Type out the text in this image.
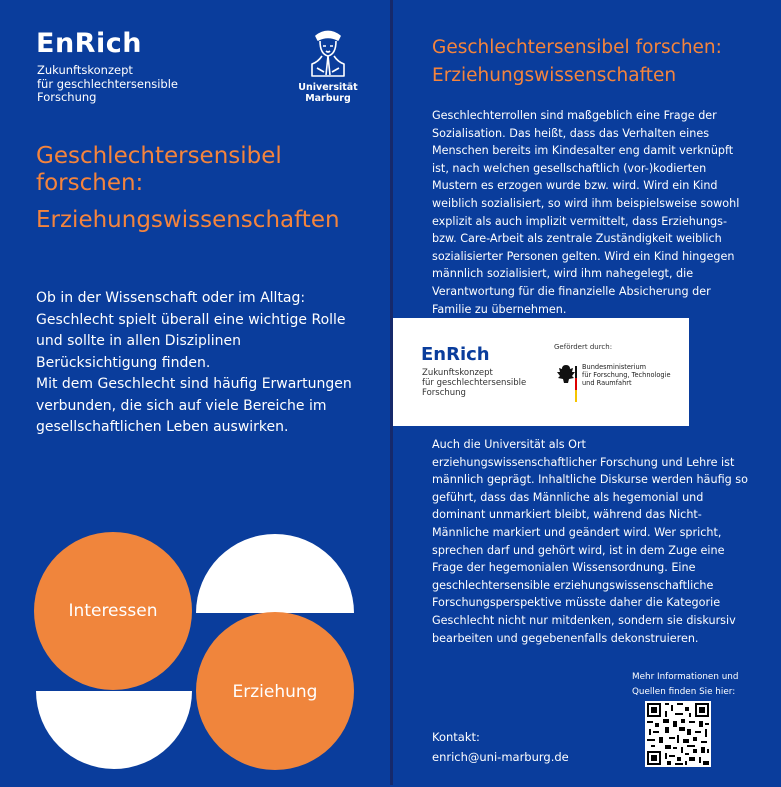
EnRich
Zukunftskonzept
für geschlechtersensible
Forschung
Universität
Marburg
Geschlechtersensibel
forschen:
Erziehungswissenschaften
Ob in der Wissenschaft oder im Alltag: Geschlecht spielt überall eine wichtige Rolle und sollte in allen Disziplinen Berücksichtigung finden.
Mit dem Geschlecht sind häufig Erwartungen verbunden, die sich auf viele Bereiche im gesellschaftlichen Leben auswirken.
Interessen
Erziehung
Geschlechtersensibel forschen:
Erziehungswissenschaften
Geschlechterrollen sind maßgeblich eine Frage der Sozialisation. Das heißt, dass das Verhalten eines Menschen bereits im Kindesalter eng damit verknüpft ist, nach welchen gesellschaftlich (vor-)kodierten Mustern es erzogen wurde bzw. wird. Wird ein Kind weiblich sozialisiert, so wird ihm beispielsweise sowohl explizit als auch implizit vermittelt, dass Erziehungs- bzw. Care-Arbeit als zentrale Zuständigkeit weiblich sozialisierter Personen gelten. Wird ein Kind hingegen männlich sozialisiert, wird ihm nahegelegt, die Verantwortung für die finanzielle Absicherung der Familie zu übernehmen.
EnRich
Zukunftskonzept
für geschlechtersensible
Forschung
Gefördert durch:
Bundesministerium
für Forschung, Technologie
und Raumfahrt
Auch die Universität als Ort erziehungswissenschaftlicher Forschung und Lehre ist männlich geprägt. Inhaltliche Diskurse werden häufig so geführt, dass das Männliche als hegemonial und dominant unmarkiert bleibt, während das Nicht-Männliche markiert und geändert wird. Wer spricht, sprechen darf und gehört wird, ist in dem Zuge eine Frage der hegemonialen Wissensordnung. Eine geschlechtersensible erziehungswissenschaftliche Forschungsperspektive müsste daher die Kategorie Geschlecht nicht nur mitdenken, sondern sie diskursiv bearbeiten und gegebenenfalls dekonstruieren.
Mehr Informationen und
Quellen finden Sie hier:
Kontakt:
enrich@uni-marburg.de
